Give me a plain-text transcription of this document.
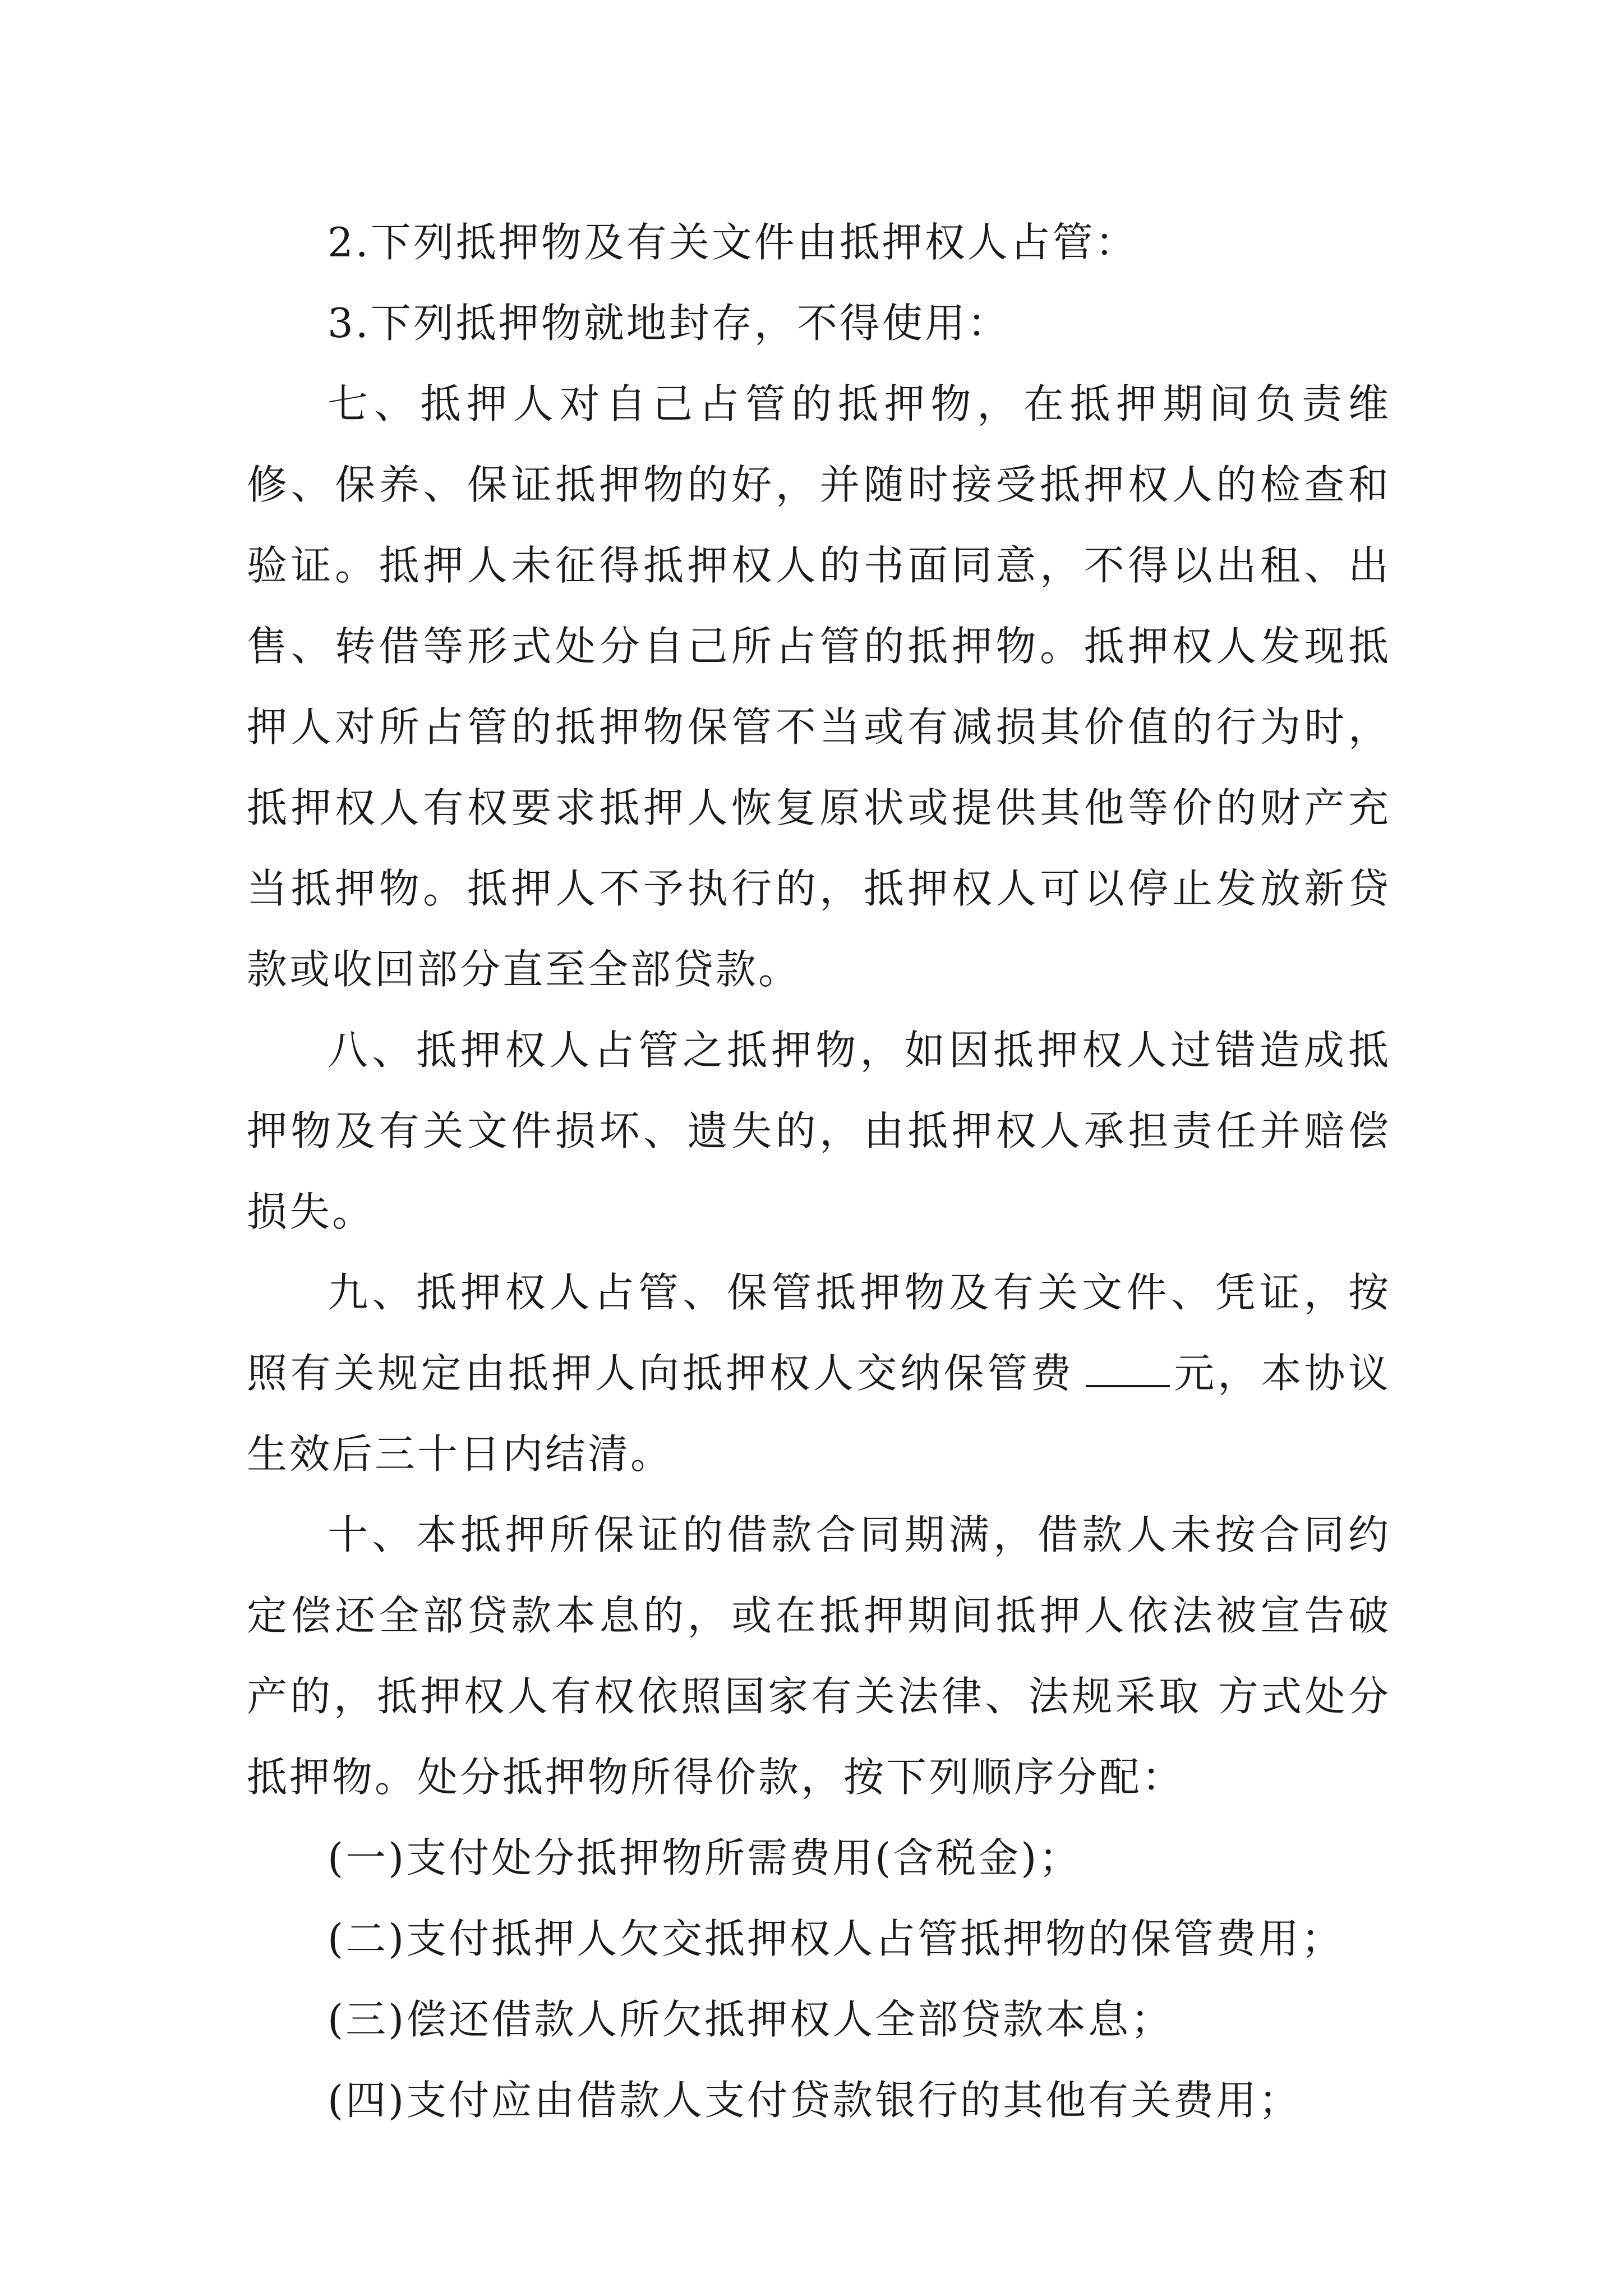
2.下列抵押物及有关文件由抵押权人占管：

3.下列抵押物就地封存，不得使用：

七、抵押人对自己占管的抵押物，在抵押期间负责维修、保养、保证抵押物的好，并随时接受抵押权人的检查和验证。抵押人未征得抵押权人的书面同意，不得以出租、出售、转借等形式处分自己所占管的抵押物。抵押权人发现抵押人对所占管的抵押物保管不当或有减损其价值的行为时，抵押权人有权要求抵押人恢复原状或提供其他等价的财产充当抵押物。抵押人不予执行的，抵押权人可以停止发放新贷款或收回部分直至全部贷款。

八、抵押权人占管之抵押物，如因抵押权人过错造成抵押物及有关文件损坏、遗失的，由抵押权人承担责任并赔偿损失。

九、抵押权人占管、保管抵押物及有关文件、凭证，按照有关规定由抵押人向抵押权人交纳保管费 元，本协议生效后三十日内结清。

十、本抵押所保证的借款合同期满，借款人未按合同约定偿还全部贷款本息的，或在抵押期间抵押人依法被宣告破产的，抵押权人有权依照国家有关法律、法规采取 方式处分抵押物。处分抵押物所得价款，按下列顺序分配：

(一)支付处分抵押物所需费用(含税金)；

(二)支付抵押人欠交抵押权人占管抵押物的保管费用；

(三)偿还借款人所欠抵押权人全部贷款本息；

(四)支付应由借款人支付贷款银行的其他有关费用；
